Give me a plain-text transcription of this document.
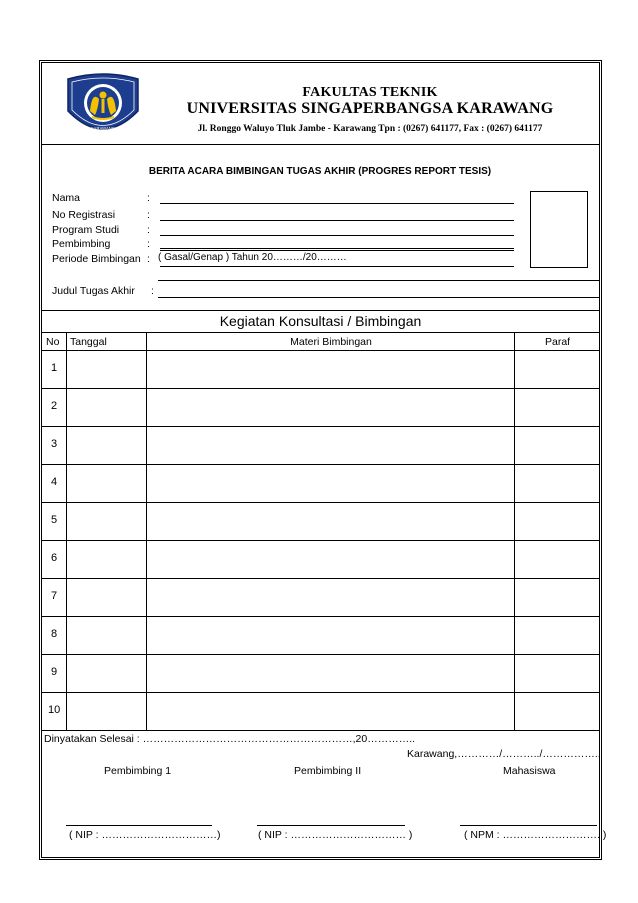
KARAWANG
FAKULTAS TEKNIK
UNIVERSITAS SINGAPERBANGSA KARAWANG
Jl. Ronggo Waluyo Tluk Jambe - Karawang Tpn : (0267) 641177, Fax : (0267) 641177
BERITA ACARA BIMBINGAN TUGAS AKHIR (PROGRES REPORT TESIS)
Nama	:
No Registrasi	:
Program Studi	:
Pembimbing	:
Periode Bimbingan : ( Gasal/Genap ) Tahun 20………/20………
Judul Tugas Akhir :
Kegiatan Konsultasi / Bimbingan
No Tanggal	Materi Bimbingan	Paraf
1
2
3
4
5
6
7
8
9
10
Dinyatakan Selesai : ……………………………………………………,20…………..
Karawang,…………/………../……………..
Pembimbing 1	Pembimbing II	Mahasiswa
( NIP : ……………………………)	( NIP : …………………………… )	( NPM : ………………………. )
